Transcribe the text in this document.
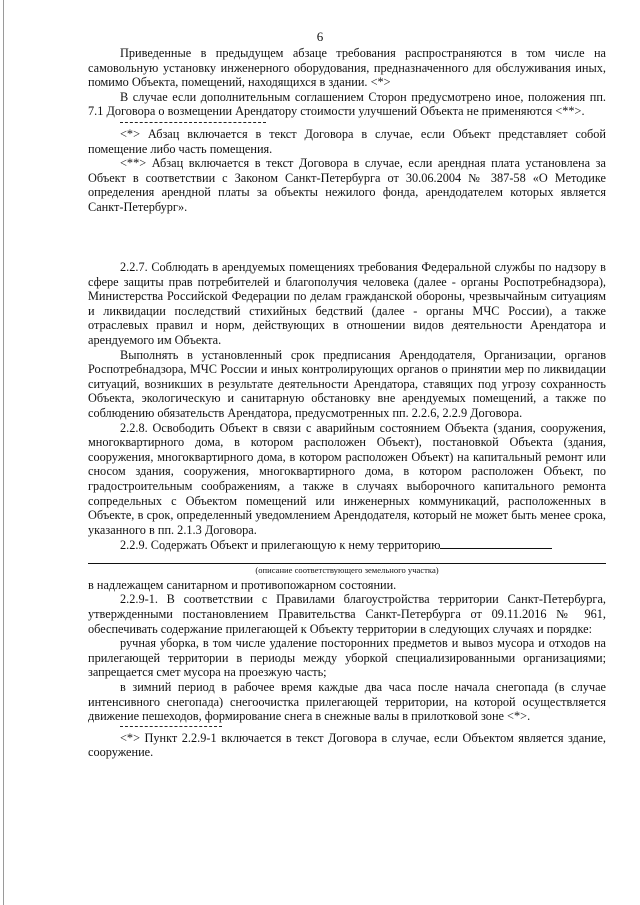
6

Приведенные в предыдущем абзаце требования распространяются в том числе на самовольную установку инженерного оборудования, предназначенного для обслуживания иных, помимо Объекта, помещений, находящихся в здании. <*>

В случае если дополнительным соглашением Сторон предусмотрено иное, положения пп. 7.1 Договора о возмещении Арендатору стоимости улучшений Объекта не применяются <**>.

<*> Абзац включается в текст Договора в случае, если Объект представляет собой помещение либо часть помещения.

<**> Абзац включается в текст Договора в случае, если арендная плата установлена за Объект в соответствии с Законом Санкт-Петербурга от 30.06.2004 № 387-58 «О Методике определения арендной платы за объекты нежилого фонда, арендодателем которых является Санкт-Петербург».

2.2.7. Соблюдать в арендуемых помещениях требования Федеральной службы по надзору в сфере защиты прав потребителей и благополучия человека (далее - органы Роспотребнадзора), Министерства Российской Федерации по делам гражданской обороны, чрезвычайным ситуациям и ликвидации последствий стихийных бедствий (далее - органы МЧС России), а также отраслевых правил и норм, действующих в отношении видов деятельности Арендатора и арендуемого им Объекта.

Выполнять в установленный срок предписания Арендодателя, Организации, органов Роспотребнадзора, МЧС России и иных контролирующих органов о принятии мер по ликвидации ситуаций, возникших в результате деятельности Арендатора, ставящих под угрозу сохранность Объекта, экологическую и санитарную обстановку вне арендуемых помещений, а также по соблюдению обязательств Арендатора, предусмотренных пп. 2.2.6, 2.2.9 Договора.

2.2.8. Освободить Объект в связи с аварийным состоянием Объекта (здания, сооружения, многоквартирного дома, в котором расположен Объект), постановкой Объекта (здания, сооружения, многоквартирного дома, в котором расположен Объект) на капитальный ремонт или сносом здания, сооружения, многоквартирного дома, в котором расположен Объект, по градостроительным соображениям, а также в случаях выборочного капитального ремонта сопредельных с Объектом помещений или инженерных коммуникаций, расположенных в Объекте, в срок, определенный уведомлением Арендодателя, который не может быть менее срока, указанного в пп. 2.1.3 Договора.

2.2.9. Содержать Объект и прилегающую к нему территорию

(описание соответствующего земельного участка)

в надлежащем санитарном и противопожарном состоянии.

2.2.9-1. В соответствии с Правилами благоустройства территории Санкт-Петербурга, утвержденными постановлением Правительства Санкт-Петербурга от 09.11.2016 № 961, обеспечивать содержание прилегающей к Объекту территории в следующих случаях и порядке:

ручная уборка, в том числе удаление посторонних предметов и вывоз мусора и отходов на прилегающей территории в периоды между уборкой специализированными организациями; запрещается смет мусора на проезжую часть;

в зимний период в рабочее время каждые два часа после начала снегопада (в случае интенсивного снегопада) снегоочистка прилегающей территории, на которой осуществляется движение пешеходов, формирование снега в снежные валы в прилотковой зоне <*>.

<*> Пункт 2.2.9-1 включается в текст Договора в случае, если Объектом является здание, сооружение.
